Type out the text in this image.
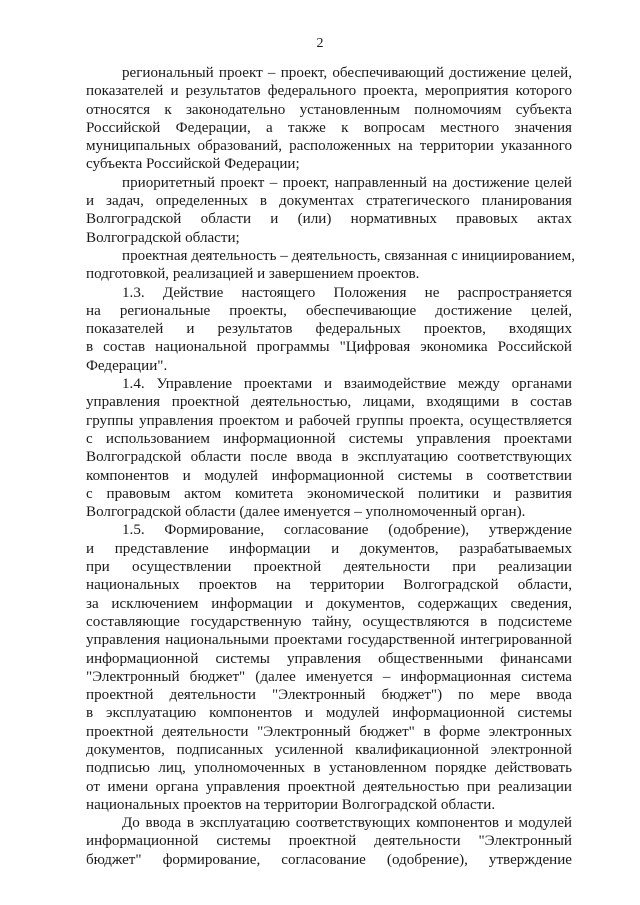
2
региональный проект – проект, обеспечивающий достижение целей,
показателей и результатов федерального проекта, мероприятия которого
относятся к законодательно установленным полномочиям субъекта
Российской Федерации, а также к вопросам местного значения
муниципальных образований, расположенных на территории указанного
субъекта Российской Федерации;
приоритетный проект – проект, направленный на достижение целей
и задач, определенных в документах стратегического планирования
Волгоградской области и (или) нормативных правовых актах
Волгоградской области;
проектная деятельность – деятельность, связанная с инициированием,
подготовкой, реализацией и завершением проектов.
1.3. Действие настоящего Положения не распространяется
на региональные проекты, обеспечивающие достижение целей,
показателей и результатов федеральных проектов, входящих
в состав национальной программы "Цифровая экономика Российской
Федерации".
1.4. Управление проектами и взаимодействие между органами
управления проектной деятельностью, лицами, входящими в состав
группы управления проектом и рабочей группы проекта, осуществляется
с использованием информационной системы управления проектами
Волгоградской области после ввода в эксплуатацию соответствующих
компонентов и модулей информационной системы в соответствии
с правовым актом комитета экономической политики и развития
Волгоградской области (далее именуется – уполномоченный орган).
1.5. Формирование, согласование (одобрение), утверждение
и представление информации и документов, разрабатываемых
при осуществлении проектной деятельности при реализации
национальных проектов на территории Волгоградской области,
за исключением информации и документов, содержащих сведения,
составляющие государственную тайну, осуществляются в подсистеме
управления национальными проектами государственной интегрированной
информационной системы управления общественными финансами
"Электронный бюджет" (далее именуется – информационная система
проектной деятельности "Электронный бюджет") по мере ввода
в эксплуатацию компонентов и модулей информационной системы
проектной деятельности "Электронный бюджет" в форме электронных
документов, подписанных усиленной квалификационной электронной
подписью лиц, уполномоченных в установленном порядке действовать
от имени органа управления проектной деятельностью при реализации
национальных проектов на территории Волгоградской области.
До ввода в эксплуатацию соответствующих компонентов и модулей
информационной системы проектной деятельности "Электронный
бюджет" формирование, согласование (одобрение), утверждение
